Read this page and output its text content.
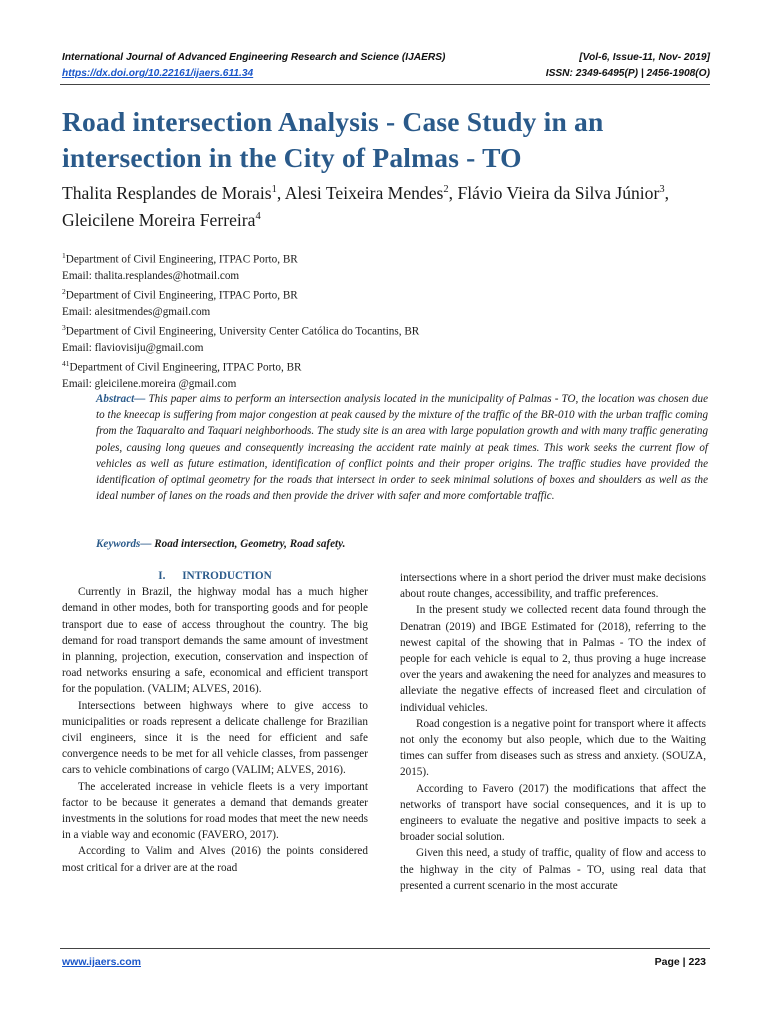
International Journal of Advanced Engineering Research and Science (IJAERS)	[Vol-6, Issue-11, Nov- 2019]
https://dx.doi.org/10.22161/ijaers.611.34	ISSN: 2349-6495(P) | 2456-1908(O)
Road intersection Analysis - Case Study in an intersection in the City of Palmas - TO
Thalita Resplandes de Morais$^1$, Alesi Teixeira Mendes$^2$, Flávio Vieira da Silva Júnior$^3$, Gleicilene Moreira Ferreira$^4$
$^1$Department of Civil Engineering, ITPAC Porto, BR
Email: thalita.resplandes@hotmail.com
$^2$Department of Civil Engineering, ITPAC Porto, BR
Email: alesitmendes@gmail.com
$^3$Department of Civil Engineering, University Center Católica do Tocantins, BR
Email: flaviovisiju@gmail.com
$^{41}$Department of Civil Engineering, ITPAC Porto, BR
Email: gleicilene.moreira @gmail.com
Abstract— This paper aims to perform an intersection analysis located in the municipality of Palmas - TO, the location was chosen due to the kneecap is suffering from major congestion at peak caused by the mixture of the traffic of the BR-010 with the urban traffic coming from the Taquaralto and Taquari neighborhoods. The study site is an area with large population growth and with many traffic generating poles, causing long queues and consequently increasing the accident rate mainly at peak times. This work seeks the current flow of vehicles as well as future estimation, identification of conflict points and their proper origins. The traffic studies have provided the identification of optimal geometry for the roads that intersect in order to seek minimal solutions of boxes and shoulders as well as the ideal number of lanes on the roads and then provide the driver with safer and more comfortable traffic.
Keywords— Road intersection, Geometry, Road safety.

I.      INTRODUCTION

Currently in Brazil, the highway modal has a much higher demand in other modes, both for transporting goods and for people transport due to ease of access throughout the country. The big demand for road transport demands the same amount of investment in planning, projection, execution, conservation and inspection of road networks ensuring a safe, economical and efficient transport for the population. (VALIM; ALVES, 2016).

Intersections between highways where to give access to municipalities or roads represent a delicate challenge for Brazilian civil engineers, since it is the need for efficient and safe convergence needs to be met for all vehicle classes, from passenger cars to vehicle combinations of cargo (VALIM; ALVES, 2016).

The accelerated increase in vehicle fleets is a very important factor to be because it generates a demand that demands greater investments in the solutions for road modes that meet the new needs in a viable way and economic (FAVERO, 2017).

According to Valim and Alves (2016) the points considered most critical for a driver are at the road

intersections where in a short period the driver must make decisions about route changes, accessibility, and traffic preferences.

In the present study we collected recent data found through the Denatran (2019) and IBGE Estimated for (2018), referring to the newest capital of the showing that in Palmas - TO the index of people for each vehicle is equal to 2, thus proving a huge increase over the years and awakening the need for analyzes and measures to alleviate the negative effects of increased fleet and circulation of individual vehicles.

Road congestion is a negative point for transport where it affects not only the economy but also people, which due to the Waiting times can suffer from diseases such as stress and anxiety. (SOUZA, 2015).

According to Favero (2017) the modifications that affect the networks of transport have social consequences, and it is up to engineers to evaluate the negative and positive impacts to seek a broader social solution.

Given this need, a study of traffic, quality of flow and access to the highway in the city of Palmas - TO, using real data that presented a current scenario in the most accurate

www.ijaers.com	Page | 223
